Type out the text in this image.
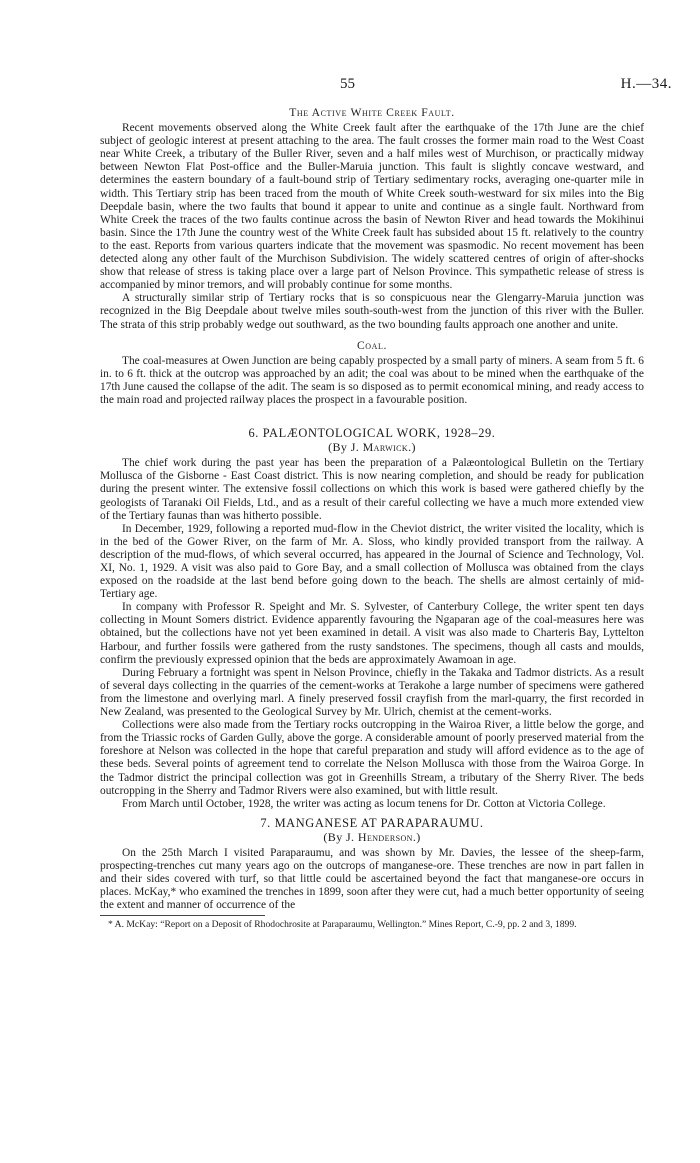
55	H.—34.
The Active White Creek Fault.

Recent movements observed along the White Creek fault after the earthquake of the 17th June are the chief subject of geologic interest at present attaching to the area. The fault crosses the former main road to the West Coast near White Creek, a tributary of the Buller River, seven and a half miles west of Murchison, or practically midway between Newton Flat Post-office and the Buller-Maruia junction. This fault is slightly concave westward, and determines the eastern boundary of a fault-bound strip of Tertiary sedimentary rocks, averaging one-quarter mile in width. This Tertiary strip has been traced from the mouth of White Creek south-westward for six miles into the Big Deepdale basin, where the two faults that bound it appear to unite and continue as a single fault. Northward from White Creek the traces of the two faults continue across the basin of Newton River and head towards the Mokihinui basin. Since the 17th June the country west of the White Creek fault has subsided about 15 ft. relatively to the country to the east. Reports from various quarters indicate that the movement was spasmodic. No recent movement has been detected along any other fault of the Murchison Subdivision. The widely scattered centres of origin of after-shocks show that release of stress is taking place over a large part of Nelson Province. This sympathetic release of stress is accompanied by minor tremors, and will probably continue for some months.

A structurally similar strip of Tertiary rocks that is so conspicuous near the Glengarry-Maruia junction was recognized in the Big Deepdale about twelve miles south-south-west from the junction of this river with the Buller. The strata of this strip probably wedge out southward, as the two bounding faults approach one another and unite.

Coal.

The coal-measures at Owen Junction are being capably prospected by a small party of miners. A seam from 5 ft. 6 in. to 6 ft. thick at the outcrop was approached by an adit; the coal was about to be mined when the earthquake of the 17th June caused the collapse of the adit. The seam is so disposed as to permit economical mining, and ready access to the main road and projected railway places the prospect in a favourable position.

6. PALÆONTOLOGICAL WORK, 1928–29.
(By J. Marwick.)

The chief work during the past year has been the preparation of a Palæontological Bulletin on the Tertiary Mollusca of the Gisborne - East Coast district. This is now nearing completion, and should be ready for publication during the present winter. The extensive fossil collections on which this work is based were gathered chiefly by the geologists of Taranaki Oil Fields, Ltd., and as a result of their careful collecting we have a much more extended view of the Tertiary faunas than was hitherto possible.

In December, 1929, following a reported mud-flow in the Cheviot district, the writer visited the locality, which is in the bed of the Gower River, on the farm of Mr. A. Sloss, who kindly provided transport from the railway. A description of the mud-flows, of which several occurred, has appeared in the Journal of Science and Technology, Vol. XI, No. 1, 1929. A visit was also paid to Gore Bay, and a small collection of Mollusca was obtained from the clays exposed on the roadside at the last bend before going down to the beach. The shells are almost certainly of mid-Tertiary age.

In company with Professor R. Speight and Mr. S. Sylvester, of Canterbury College, the writer spent ten days collecting in Mount Somers district. Evidence apparently favouring the Ngaparan age of the coal-measures here was obtained, but the collections have not yet been examined in detail. A visit was also made to Charteris Bay, Lyttelton Harbour, and further fossils were gathered from the rusty sandstones. The specimens, though all casts and moulds, confirm the previously expressed opinion that the beds are approximately Awamoan in age.

During February a fortnight was spent in Nelson Province, chiefly in the Takaka and Tadmor districts. As a result of several days collecting in the quarries of the cement-works at Terakohe a large number of specimens were gathered from the limestone and overlying marl. A finely preserved fossil crayfish from the marl-quarry, the first recorded in New Zealand, was presented to the Geological Survey by Mr. Ulrich, chemist at the cement-works.

Collections were also made from the Tertiary rocks outcropping in the Wairoa River, a little below the gorge, and from the Triassic rocks of Garden Gully, above the gorge. A considerable amount of poorly preserved material from the foreshore at Nelson was collected in the hope that careful preparation and study will afford evidence as to the age of these beds. Several points of agreement tend to correlate the Nelson Mollusca with those from the Wairoa Gorge. In the Tadmor district the principal collection was got in Greenhills Stream, a tributary of the Sherry River. The beds outcropping in the Sherry and Tadmor Rivers were also examined, but with little result.

From March until October, 1928, the writer was acting as locum tenens for Dr. Cotton at Victoria College.

7. MANGANESE AT PARAPARAUMU.
(By J. Henderson.)

On the 25th March I visited Paraparaumu, and was shown by Mr. Davies, the lessee of the sheep-farm, prospecting-trenches cut many years ago on the outcrops of manganese-ore. These trenches are now in part fallen in and their sides covered with turf, so that little could be ascertained beyond the fact that manganese-ore occurs in places. McKay,* who examined the trenches in 1899, soon after they were cut, had a much better opportunity of seeing the extent and manner of occurrence of the

* A. McKay: “Report on a Deposit of Rhodochrosite at Paraparaumu, Wellington.” Mines Report, C.-9, pp. 2 and 3, 1899.
